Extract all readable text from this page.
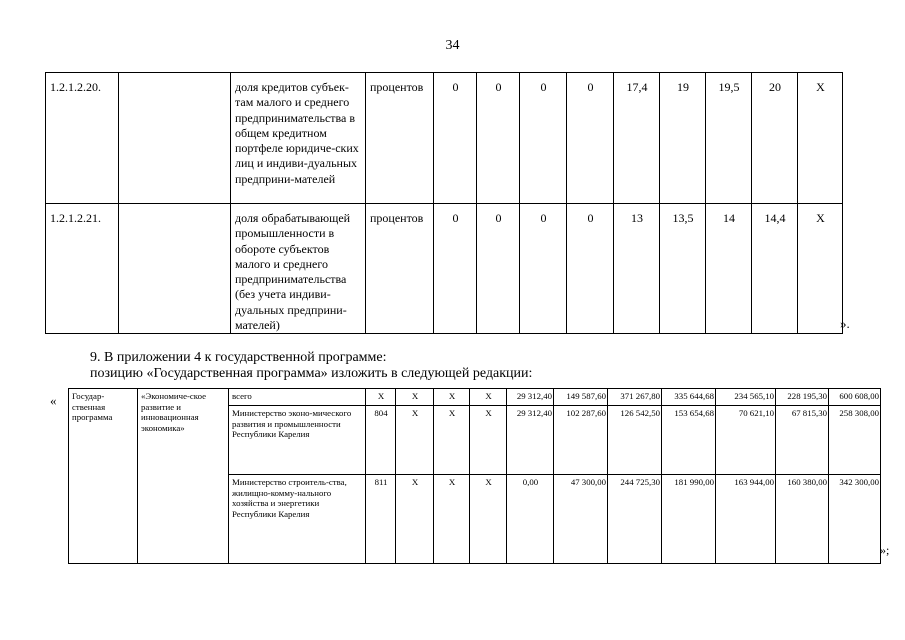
34
1.2.1.2.20.		доля кредитов субъек-там малого и среднего предпринимательства в общем кредитном портфеле юридиче-ских лиц и индиви-дуальных предприни-мателей	процентов	0	0	0	0	17,4	19	19,5	20	Х
1.2.1.2.21.		доля обрабатывающей промышленности в обороте субъектов малого и среднего предпринимательства (без учета индиви-дуальных предприни-мателей)	процентов	0	0	0	0	13	13,5	14	14,4	Х
».
9. В приложении 4 к государственной программе:
позицию «Государственная программа» изложить в следующей редакции:
« Государ-ственная программа	«Экономиче-ское развитие и инновационная экономика»	всего	Х	Х	Х	Х	29 312,40	149 587,60	371 267,80	335 644,68	234 565,10	228 195,30	600 608,00
		Министерство эконо-мического развития и промышленности Республики Карелия	804	Х	Х	Х	29 312,40	102 287,60	126 542,50	153 654,68	70 621,10	67 815,30	258 308,00
		Министерство строитель-ства, жилищно-комму-нального хозяйства и энергетики Республики Карелия	811	Х	Х	Х	0,00	47 300,00	244 725,30	181 990,00	163 944,00	160 380,00	342 300,00
»;
